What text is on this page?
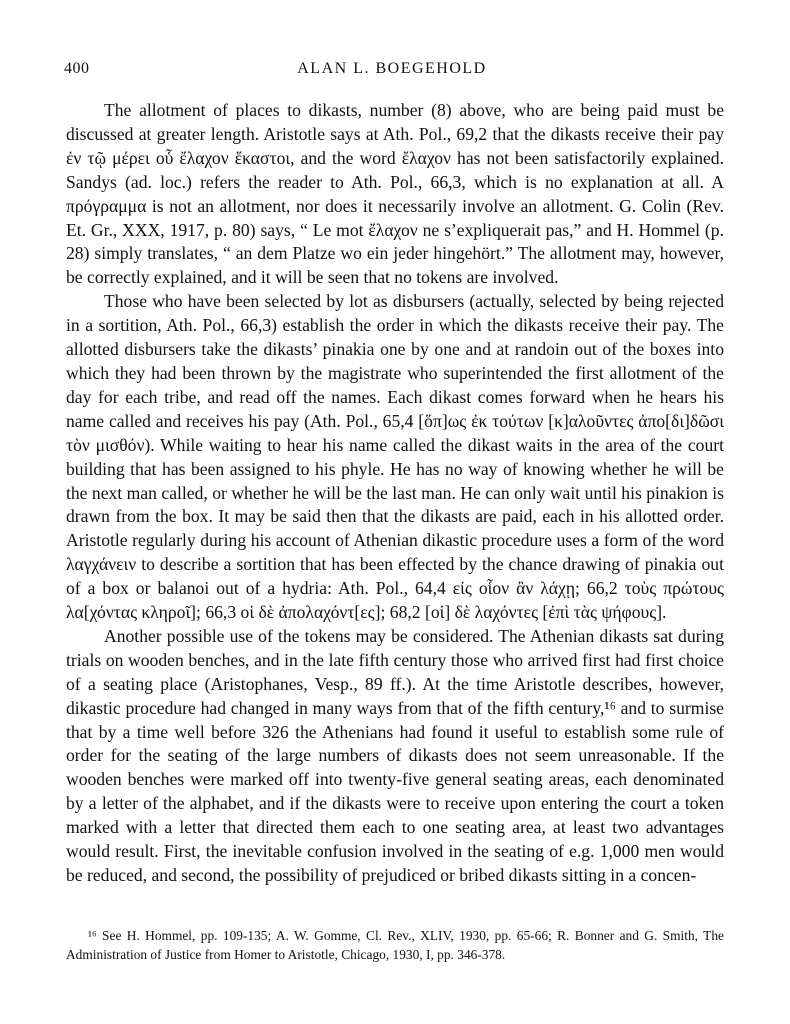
400	ALAN L. BOEGEHOLD

The allotment of places to dikasts, number (8) above, who are being paid must be discussed at greater length. Aristotle says at Ath. Pol., 69,2 that the dikasts receive their pay ἐν τῷ μέρει οὗ ἔλαχον ἕκαστοι, and the word ἔλαχον has not been satisfactorily explained. Sandys (ad. loc.) refers the reader to Ath. Pol., 66,3, which is no explanation at all. A πρόγραμμα is not an allotment, nor does it necessarily involve an allotment. G. Colin (Rev. Et. Gr., XXX, 1917, p. 80) says, “ Le mot ἔλαχον ne s’expliquerait pas,” and H. Hommel (p. 28) simply translates, “ an dem Platze wo ein jeder hingehört.” The allotment may, however, be correctly explained, and it will be seen that no tokens are involved.

Those who have been selected by lot as disbursers (actually, selected by being rejected in a sortition, Ath. Pol., 66,3) establish the order in which the dikasts receive their pay. The allotted disbursers take the dikasts’ pinakia one by one and at randoin out of the boxes into which they had been thrown by the magistrate who superintended the first allotment of the day for each tribe, and read off the names. Each dikast comes forward when he hears his name called and receives his pay (Ath. Pol., 65,4 [ὅπ]ως ἐκ τούτων [κ]αλοῦντες ἀπο[δι]δῶσι τὸν μισθόν). While waiting to hear his name called the dikast waits in the area of the court building that has been assigned to his phyle. He has no way of knowing whether he will be the next man called, or whether he will be the last man. He can only wait until his pinakion is drawn from the box. It may be said then that the dikasts are paid, each in his allotted order. Aristotle regularly during his account of Athenian dikastic procedure uses a form of the word λαγχάνειν to describe a sortition that has been effected by the chance drawing of pinakia out of a box or balanoi out of a hydria: Ath. Pol., 64,4 εἰς οἷον ἂν λάχῃ; 66,2 τοὺς πρώτους λα[χόντας κληροῖ]; 66,3 οἱ δὲ ἀπολαχόντ[ες]; 68,2 [οἱ] δὲ λαχόντες [ἐπὶ τὰς ψήφους].

Another possible use of the tokens may be considered. The Athenian dikasts sat during trials on wooden benches, and in the late fifth century those who arrived first had first choice of a seating place (Aristophanes, Vesp., 89 ff.). At the time Aristotle describes, however, dikastic procedure had changed in many ways from that of the fifth century,¹⁶ and to surmise that by a time well before 326 the Athenians had found it useful to establish some rule of order for the seating of the large numbers of dikasts does not seem unreasonable. If the wooden benches were marked off into twenty-five general seating areas, each denominated by a letter of the alphabet, and if the dikasts were to receive upon entering the court a token marked with a letter that directed them each to one seating area, at least two advantages would result. First, the inevitable confusion involved in the seating of e.g. 1,000 men would be reduced, and second, the possibility of prejudiced or bribed dikasts sitting in a concen-

¹⁶ See H. Hommel, pp. 109-135; A. W. Gomme, Cl. Rev., XLIV, 1930, pp. 65-66; R. Bonner and G. Smith, The Administration of Justice from Homer to Aristotle, Chicago, 1930, I, pp. 346-378.
